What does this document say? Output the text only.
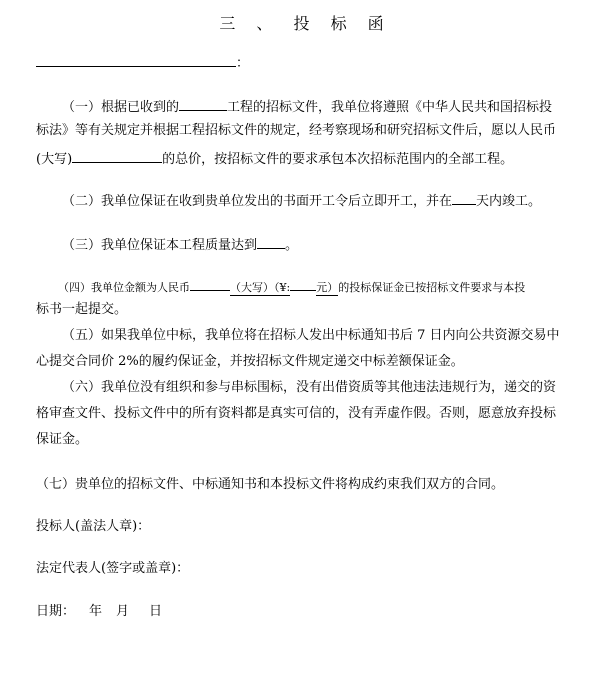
三 、 投 标 函
：
（一）根据已收到的	工程的招标文件，我单位将遵照《中华人民共和国招标投
标法》等有关规定并根据工程招标文件的规定，经考察现场和研究招标文件后，愿以人民币
(大写)	的总价，按招标文件的要求承包本次招标范围内的全部工程。
（二）我单位保证在收到贵单位发出的书面开工令后立即开工，并在 天内竣工。
（三）我单位保证本工程质量达到 。
（四）我单位金额为人民币	（大写）（¥: 元）的投标保证金已按招标文件要求与本投
标书一起提交。
（五）如果我单位中标，我单位将在招标人发出中标通知书后 7 日内向公共资源交易中
心提交合同价 2%的履约保证金，并按招标文件规定递交中标差额保证金。
（六）我单位没有组织和参与串标围标，没有出借资质等其他违法违规行为，递交的资
格审查文件、投标文件中的所有资料都是真实可信的，没有弄虚作假。否则，愿意放弃投标
保证金。
（七）贵单位的招标文件、中标通知书和本投标文件将构成约束我们双方的合同。
投标人(盖法人章)：
法定代表人(签字或盖章)：
日期： 年 月 日
